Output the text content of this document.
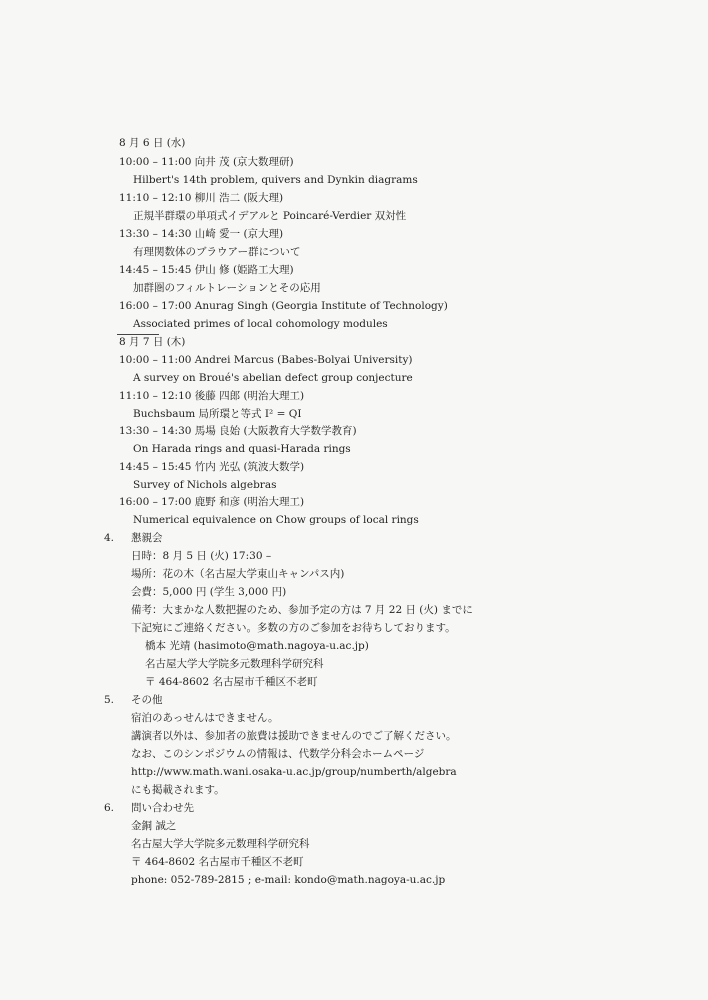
8 月 6 日 (水)
10:00 – 11:00 向井 茂 (京大数理研)
Hilbert's 14th problem, quivers and Dynkin diagrams
11:10 – 12:10 柳川 浩二 (阪大理)
正規半群環の単項式イデアルと Poincaré-Verdier 双対性
13:30 – 14:30 山崎 愛一 (京大理)
有理関数体のブラウアー群について
14:45 – 15:45 伊山 修 (姫路工大理)
加群圏のフィルトレーションとその応用
16:00 – 17:00 Anurag Singh (Georgia Institute of Technology)
Associated primes of local cohomology modules
8 月 7 日 (木)
10:00 – 11:00 Andrei Marcus (Babes-Bolyai University)
A survey on Broué's abelian defect group conjecture
11:10 – 12:10 後藤 四郎 (明治大理工)
Buchsbaum 局所環と等式 I² = QI
13:30 – 14:30 馬場 良始 (大阪教育大学数学教育)
On Harada rings and quasi-Harada rings
14:45 – 15:45 竹内 光弘 (筑波大数学)
Survey of Nichols algebras
16:00 – 17:00 鹿野 和彦 (明治大理工)
Numerical equivalence on Chow groups of local rings
4. 懇親会
日時：8 月 5 日 (火) 17:30 –
場所：花の木（名古屋大学東山キャンパス内)
会費：5,000 円 (学生 3,000 円)
備考：大まかな人数把握のため、参加予定の方は 7 月 22 日 (火) までに
下記宛にご連絡ください。多数の方のご参加をお待ちしております。
橋本 光靖 (hasimoto@math.nagoya-u.ac.jp)
名古屋大学大学院多元数理科学研究科
〒 464-8602 名古屋市千種区不老町
5. その他
宿泊のあっせんはできません。
講演者以外は、参加者の旅費は援助できませんのでご了解ください。
なお、このシンポジウムの情報は、代数学分科会ホームページ
http://www.math.wani.osaka-u.ac.jp/group/numberth/algebra
にも掲載されます。
6. 問い合わせ先
金銅 誠之
名古屋大学大学院多元数理科学研究科
〒 464-8602 名古屋市千種区不老町
phone: 052-789-2815 ; e-mail: kondo@math.nagoya-u.ac.jp
